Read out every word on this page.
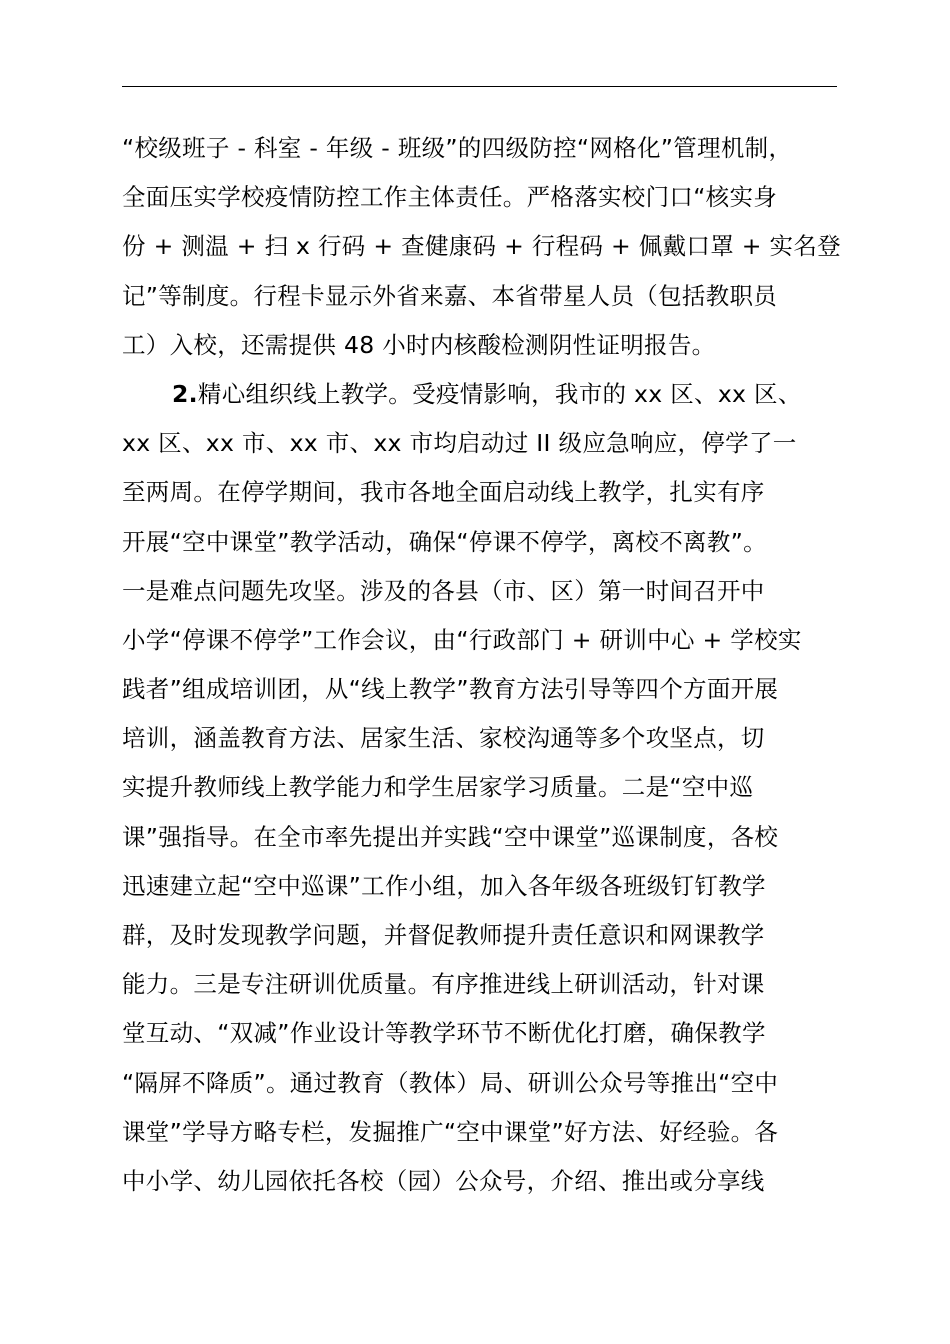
“校级班子 - 科室 - 年级 - 班级”的四级防控“网格化”管理机制，
全面压实学校疫情防控工作主体责任。严格落实校门口“核实身
份 + 测温 + 扫 x 行码 + 查健康码 + 行程码 + 佩戴口罩 + 实名登
记”等制度。行程卡显示外省来嘉、本省带星人员（包括教职员
工）入校，还需提供 48 小时内核酸检测阴性证明报告。
2.精心组织线上教学。受疫情影响，我市的 xx 区、xx 区、
xx 区、xx 市、xx 市、xx 市均启动过 II 级应急响应，停学了一
至两周。在停学期间，我市各地全面启动线上教学，扎实有序
开展“空中课堂”教学活动，确保“停课不停学，离校不离教”。
一是难点问题先攻坚。涉及的各县（市、区）第一时间召开中
小学“停课不停学”工作会议，由“行政部门 + 研训中心 + 学校实
践者”组成培训团，从“线上教学”教育方法引导等四个方面开展
培训，涵盖教育方法、居家生活、家校沟通等多个攻坚点，切
实提升教师线上教学能力和学生居家学习质量。二是“空中巡
课”强指导。在全市率先提出并实践“空中课堂”巡课制度，各校
迅速建立起“空中巡课”工作小组，加入各年级各班级钉钉教学
群，及时发现教学问题，并督促教师提升责任意识和网课教学
能力。三是专注研训优质量。有序推进线上研训活动，针对课
堂互动、“双减”作业设计等教学环节不断优化打磨，确保教学
“隔屏不降质”。通过教育（教体）局、研训公众号等推出“空中
课堂”学导方略专栏，发掘推广“空中课堂”好方法、好经验。各
中小学、幼儿园依托各校（园）公众号，介绍、推出或分享线
